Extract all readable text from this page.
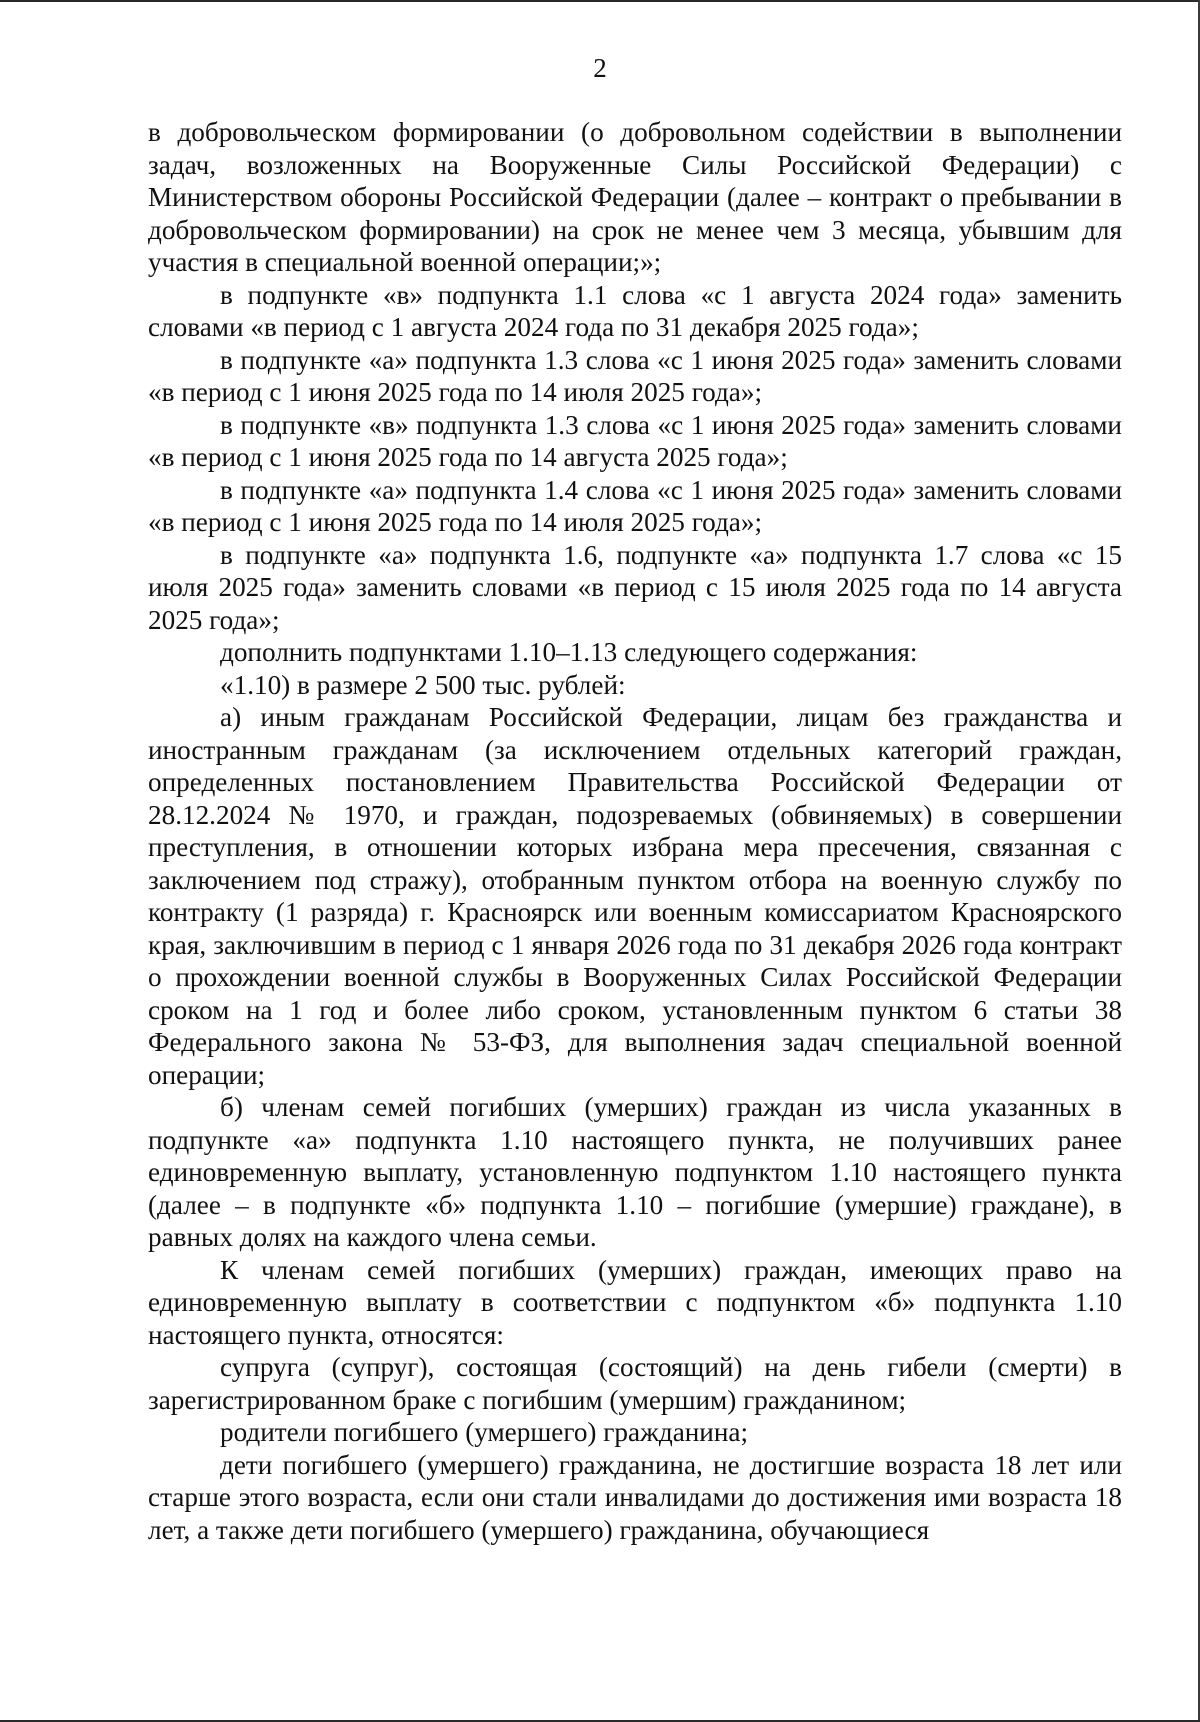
2

в добровольческом формировании (о добровольном содействии в выполнении задач, возложенных на Вооруженные Силы Российской Федерации) с Министерством обороны Российской Федерации (далее – контракт о пребывании в добровольческом формировании) на срок не менее чем 3 месяца, убывшим для участия в специальной военной операции;»;

в подпункте «в» подпункта 1.1 слова «с 1 августа 2024 года» заменить словами «в период с 1 августа 2024 года по 31 декабря 2025 года»;

в подпункте «а» подпункта 1.3 слова «с 1 июня 2025 года» заменить словами «в период с 1 июня 2025 года по 14 июля 2025 года»;

в подпункте «в» подпункта 1.3 слова «с 1 июня 2025 года» заменить словами «в период с 1 июня 2025 года по 14 августа 2025 года»;

в подпункте «а» подпункта 1.4 слова «с 1 июня 2025 года» заменить словами «в период с 1 июня 2025 года по 14 июля 2025 года»;

в подпункте «а» подпункта 1.6, подпункте «а» подпункта 1.7 слова «с 15 июля 2025 года» заменить словами «в период с 15 июля 2025 года по 14 августа 2025 года»;

дополнить подпунктами 1.10–1.13 следующего содержания:

«1.10) в размере 2 500 тыс. рублей:

а) иным гражданам Российской Федерации, лицам без гражданства и иностранным гражданам (за исключением отдельных категорий граждан, определенных постановлением Правительства Российской Федерации от 28.12.2024 № 1970, и граждан, подозреваемых (обвиняемых) в совершении преступления, в отношении которых избрана мера пресечения, связанная с заключением под стражу), отобранным пунктом отбора на военную службу по контракту (1 разряда) г. Красноярск или военным комиссариатом Красноярского края, заключившим в период с 1 января 2026 года по 31 декабря 2026 года контракт о прохождении военной службы в Вооруженных Силах Российской Федерации сроком на 1 год и более либо сроком, установленным пунктом 6 статьи 38 Федерального закона № 53-ФЗ, для выполнения задач специальной военной операции;

б) членам семей погибших (умерших) граждан из числа указанных в подпункте «а» подпункта 1.10 настоящего пункта, не получивших ранее единовременную выплату, установленную подпунктом 1.10 настоящего пункта (далее – в подпункте «б» подпункта 1.10 – погибшие (умершие) граждане), в равных долях на каждого члена семьи.

К членам семей погибших (умерших) граждан, имеющих право на единовременную выплату в соответствии с подпунктом «б» подпункта 1.10 настоящего пункта, относятся:

супруга (супруг), состоящая (состоящий) на день гибели (смерти) в зарегистрированном браке с погибшим (умершим) гражданином;

родители погибшего (умершего) гражданина;

дети погибшего (умершего) гражданина, не достигшие возраста 18 лет или старше этого возраста, если они стали инвалидами до достижения ими возраста 18 лет, а также дети погибшего (умершего) гражданина, обучающиеся
